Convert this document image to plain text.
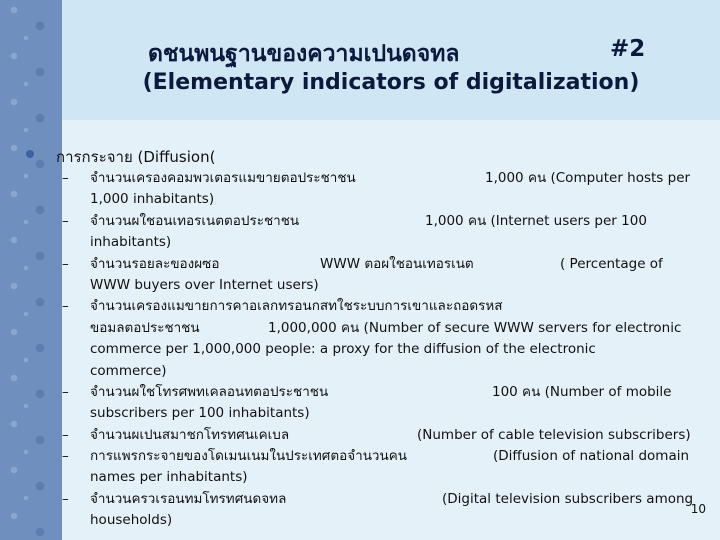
ดชนพนฐานของความเปนดจทล	#2
(Elementary indicators of digitalization)
การกระจาย (Diffusion(
– จำนวนเครองคอมพวเตอรแมขายตอประชาชน	1,000 คน (Computer hosts per
1,000 inhabitants)
– จำนวนผใชอนเทอรเนตตอประชาชน	1,000 คน (Internet users per 100
inhabitants)
– จำนวนรอยละของผซอ	WWW ตอผใชอนเทอรเนต	( Percentage of
WWW buyers over Internet users)
– จำนวนเครองแมขายการคาอเลกทรอนกสทใชระบบการเขาและถอดรหส
ขอมลตอประชาชน	1,000,000 คน (Number of secure WWW servers for electronic
commerce per 1,000,000 people: a proxy for the diffusion of the electronic
commerce)
– จำนวนผใชโทรศพทเคลอนทตอประชาชน	100 คน (Number of mobile
subscribers per 100 inhabitants)
– จำนวนผเปนสมาชกโทรทศนเคเบล	(Number of cable television subscribers)
– การแพรกระจายของโดเมนเนมในประเทศตอจำนวนคน	(Diffusion of national domain
names per inhabitants)
– จำนวนครวเรอนทมโทรทศนดจทล	(Digital television subscribers among
households)
10
